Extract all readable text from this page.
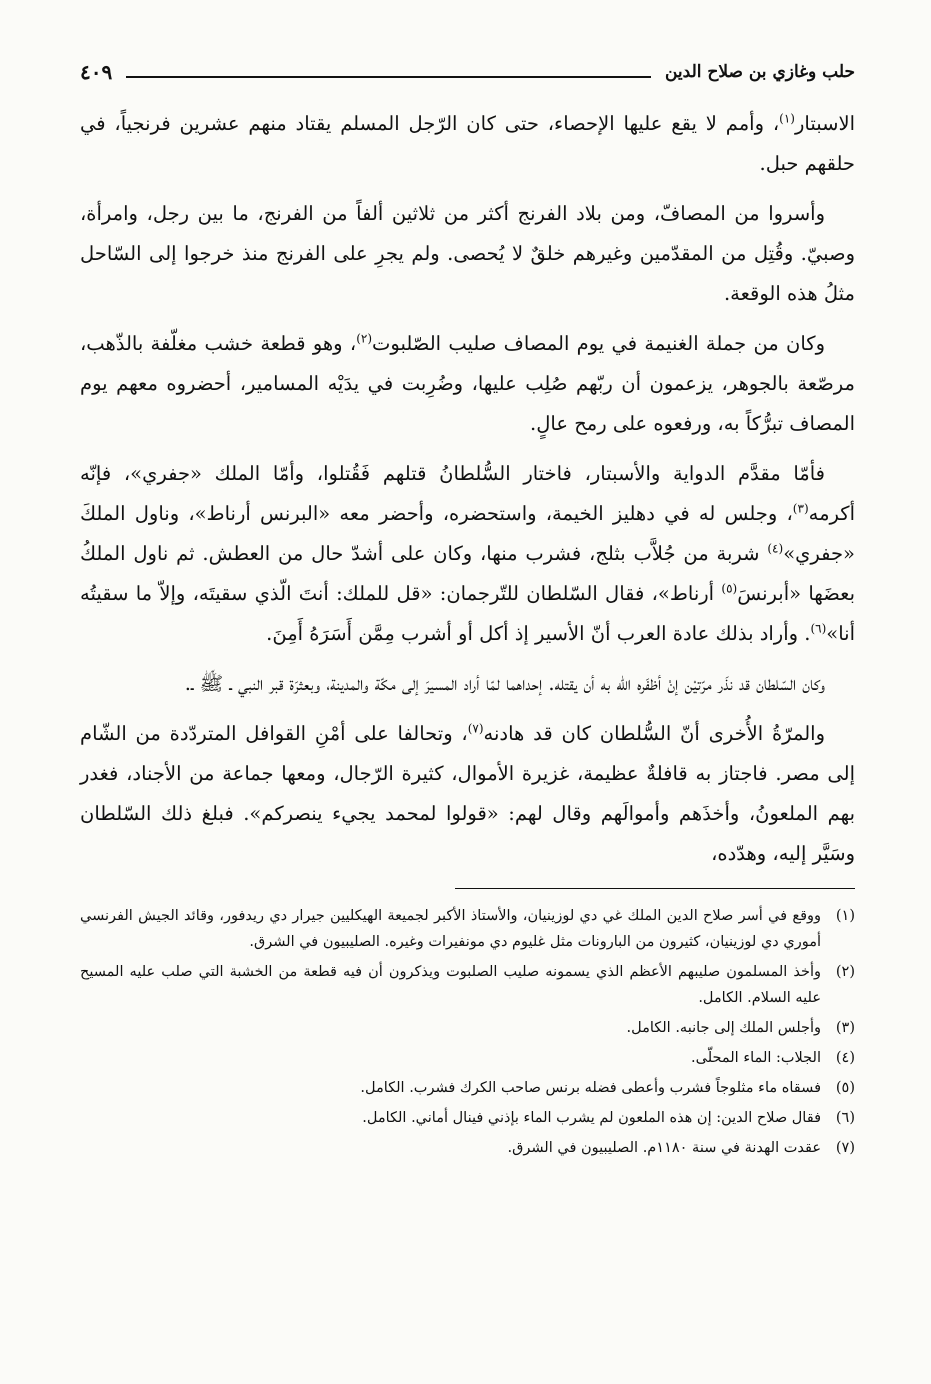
حلب وغازي بن صلاح الدين
٤٠٩

الاسبتار$^{(١)}$، وأمم لا يقع عليها الإحصاء، حتى كان الرّجل المسلم يقتاد منهم عشرين فرنجياً، في حلقهم حبل.

وأسروا من المصافّ، ومن بلاد الفرنج أكثر من ثلاثين ألفاً من الفرنج، ما بين رجل، وامرأة، وصبيّ. وقُتِل من المقدّمين وغيرهم خلقٌ لا يُحصى. ولم يجرِ على الفرنج منذ خرجوا إلى السّاحل مثلُ هذه الوقعة.

وكان من جملة الغنيمة في يوم المصاف صليب الصّلبوت$^{(٢)}$، وهو قطعة خشب مغلّفة بالذّهب، مرصّعة بالجوهر، يزعمون أن ربّهم صُلِب عليها، وضُرِبت في يدَيْه المسامير، أحضروه معهم يوم المصاف تبرُّكاً به، ورفعوه على رمح عالٍ.

فأمّا مقدَّم الدواية والأسبتار، فاختار السُّلطانُ قتلهم فَقُتلوا، وأمّا الملك «جفري»، فإنّه أكرمه$^{(٣)}$، وجلس له في دهليز الخيمة، واستحضره، وأحضر معه «البرنس أرناط»، وناول الملكَ «جفري»$^{(٤)}$ شربة من جُلاَّب بثلج، فشرب منها، وكان على أشدّ حال من العطش. ثم ناول الملكُ بعضَها «أبرنسَ$^{(٥)}$ أرناط»، فقال السّلطان للتّرجمان: «قل للملك: أنتَ الّذي سقيتَه، وإلاّ ما سقيتُه أنا»$^{(٦)}$. وأراد بذلك عادة العرب أنّ الأسير إذ أكل أو أشرب مِمَّن أَسَرَهُ أَمِنَ.

وكان السّلطان قد نذَر مرّتيْن إنْ أظفَره الله به أن يقتله. إحداهما لمّا أراد المسيرَ إلى مكّة والمدينة، وبعثرَة قبر النبي ـ ﷺ ـ.

والمرّةُ الأُخرى أنّ السُّلطان كان قد هادنه$^{(٧)}$، وتحالفا على أمْنِ القوافل المتردّدة من الشّام إلى مصر. فاجتاز به قافلةٌ عظيمة، غزيرة الأموال، كثيرة الرّجال، ومعها جماعة من الأجناد، فغدر بهم الملعونُ، وأخذَهم وأموالَهم وقال لهم: «قولوا لمحمد يجيء ينصركم». فبلغ ذلك السّلطان وسَيَّر إليه، وهدّده،

(١)
ووقع في أسر صلاح الدين الملك غي دي لوزينيان، والأستاذ الأكبر لجميعة الهيكليين جيرار دي ريدفور، وقائد الجيش الفرنسي أموري دي لوزينيان، كثيرون من البارونات مثل غليوم دي مونفيرات وغيره. الصليبيون في الشرق.
(٢)
وأخذ المسلمون صليبهم الأعظم الذي يسمونه صليب الصلبوت ويذكرون أن فيه قطعة من الخشبة التي صلب عليه المسيح عليه السلام. الكامل.
(٣)
وأجلس الملك إلى جانبه. الكامل.
(٤)
الجلاب: الماء المحلّى.
(٥)
فسقاه ماء مثلوجاً فشرب وأعطى فضله برنس صاحب الكرك فشرب. الكامل.
(٦)
فقال صلاح الدين: إن هذه الملعون لم يشرب الماء بإذني فينال أماني. الكامل.
(٧)
عقدت الهدنة في سنة ١١٨٠م. الصليبيون في الشرق.
